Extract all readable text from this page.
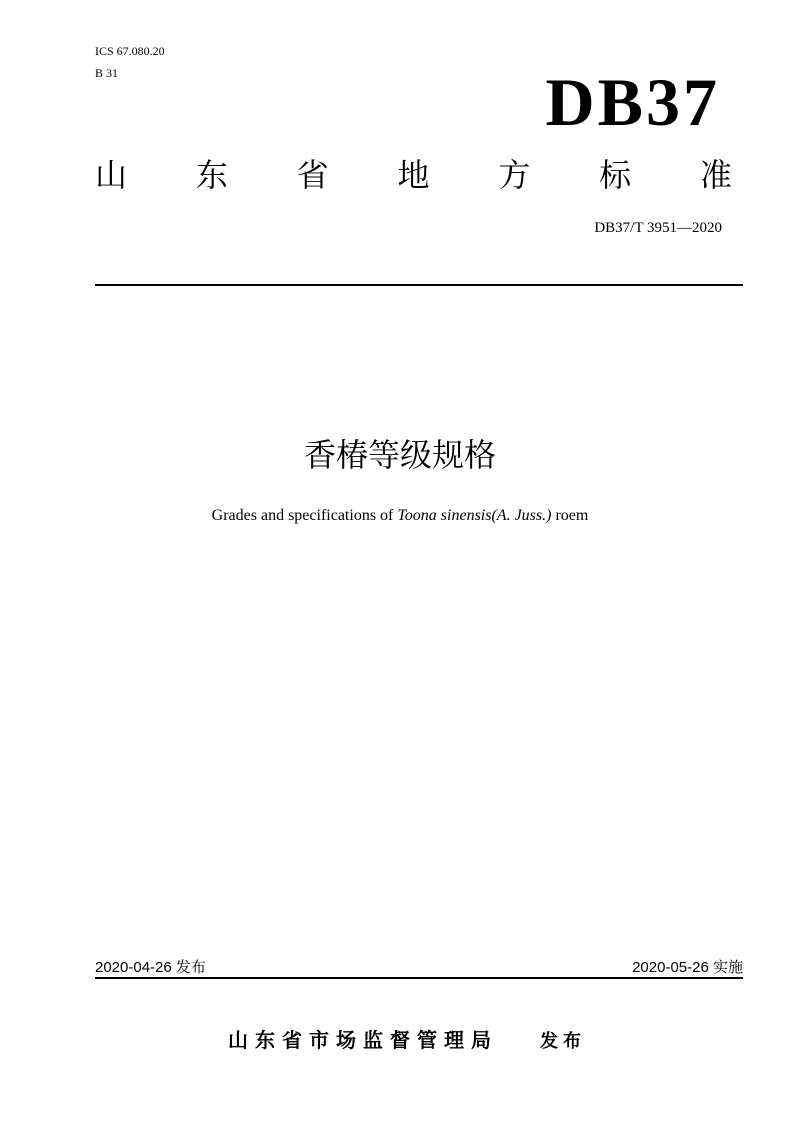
ICS 67.080.20
B 31	DB37
山 东 省 地 方 标 准
DB37/T 3951—2020
香椿等级规格
Grades and specifications of Toona sinensis(A. Juss.) roem
2020-04-26 发布	2020-05-26 实施
山东省市场监督管理局 发 布
